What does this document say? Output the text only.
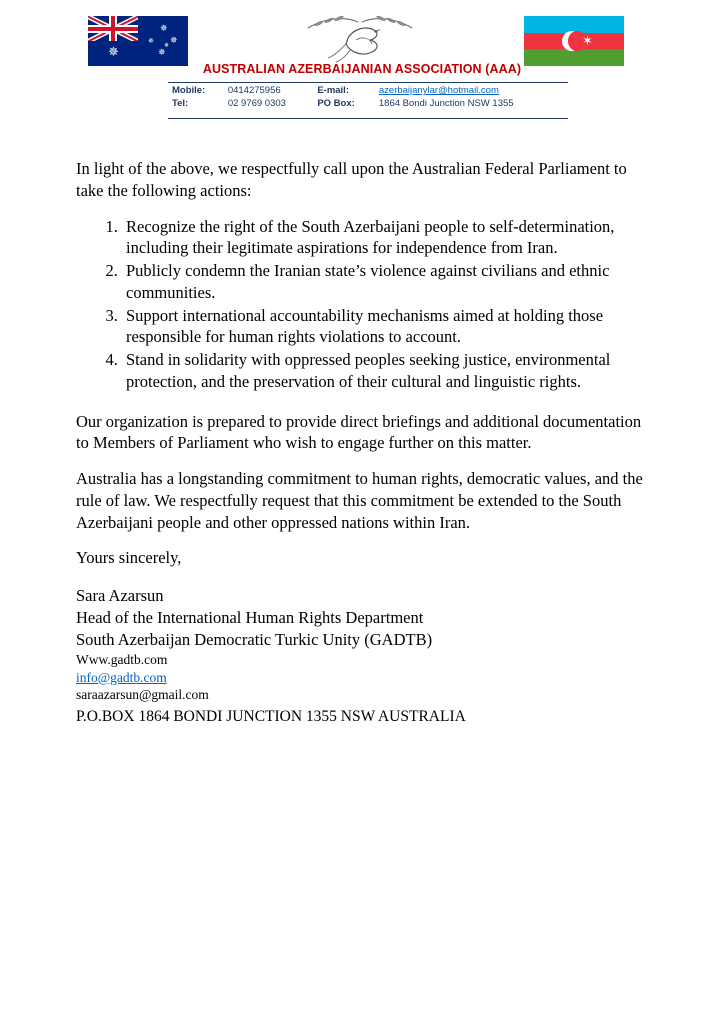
✵
✵
✵
✵
✵
✵	✶
AUSTRALIAN AZERBAIJANIAN ASSOCIATION (AAA)
Mobile:	0414275956	E-mail:	azerbaijanylar@hotmail.com
Tel:	02 9769 0303	PO Box:	1864 Bondi Junction NSW 1355

In light of the above, we respectfully call upon the Australian Federal Parliament to take the following actions:

1. Recognize the right of the South Azerbaijani people to self-determination, including their legitimate aspirations for independence from Iran.
2. Publicly condemn the Iranian state’s violence against civilians and ethnic communities.
3. Support international accountability mechanisms aimed at holding those responsible for human rights violations to account.
4. Stand in solidarity with oppressed peoples seeking justice, environmental protection, and the preservation of their cultural and linguistic rights.

Our organization is prepared to provide direct briefings and additional documentation to Members of Parliament who wish to engage further on this matter.

Australia has a longstanding commitment to human rights, democratic values, and the rule of law. We respectfully request that this commitment be extended to the South Azerbaijani people and other oppressed nations within Iran.

Yours sincerely,

Sara Azarsun

Head of the International Human Rights Department

South Azerbaijan Democratic Turkic Unity (GADTB)

Www.gadtb.com

info@gadtb.com

saraazarsun@gmail.com

P.O.BOX 1864 BONDI JUNCTION 1355 NSW AUSTRALIA
